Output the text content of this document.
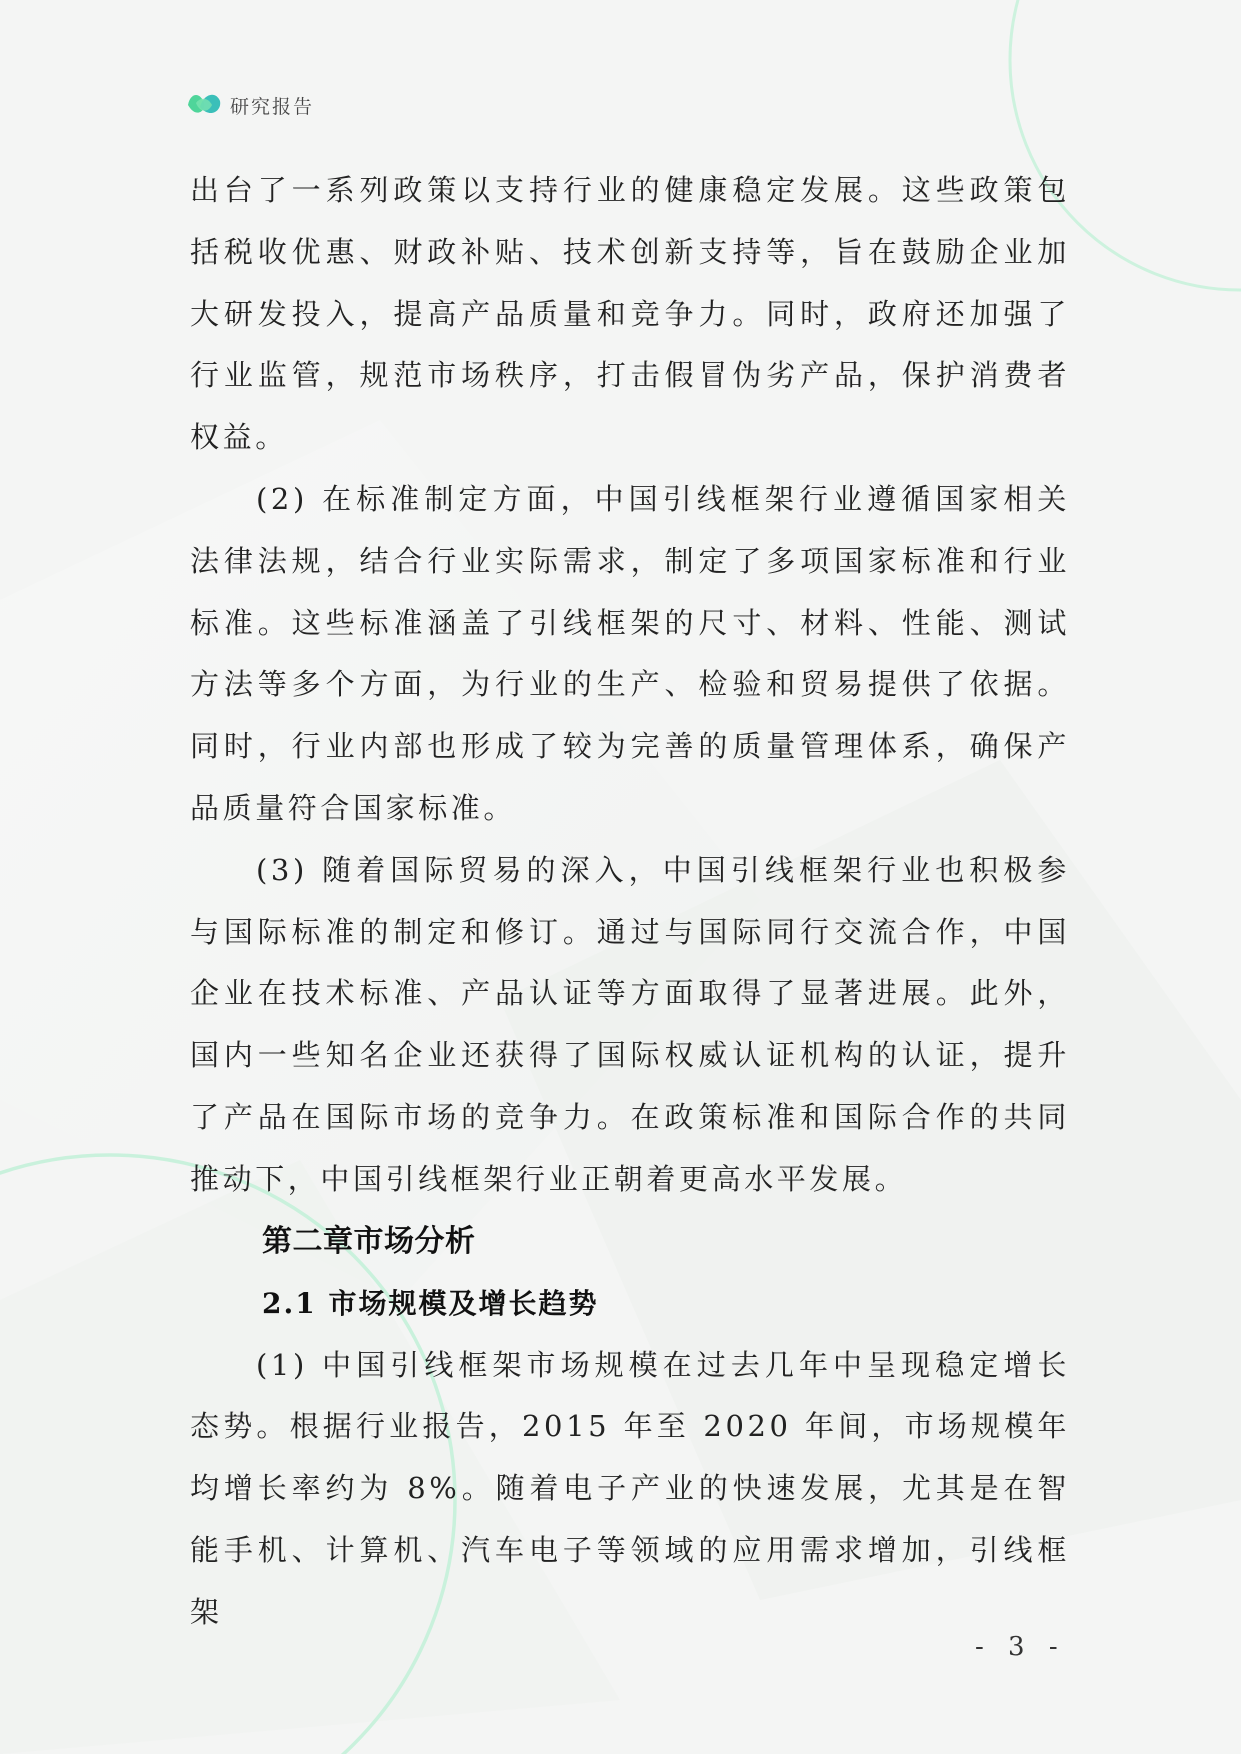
研究报告

出台了一系列政策以支持行业的健康稳定发展。这些政策包括税收优惠、财政补贴、技术创新支持等，旨在鼓励企业加大研发投入，提高产品质量和竞争力。同时，政府还加强了行业监管，规范市场秩序，打击假冒伪劣产品，保护消费者权益。

(2) 在标准制定方面，中国引线框架行业遵循国家相关法律法规，结合行业实际需求，制定了多项国家标准和行业标准。这些标准涵盖了引线框架的尺寸、材料、性能、测试方法等多个方面，为行业的生产、检验和贸易提供了依据。同时，行业内部也形成了较为完善的质量管理体系，确保产品质量符合国家标准。

(3) 随着国际贸易的深入，中国引线框架行业也积极参与国际标准的制定和修订。通过与国际同行交流合作，中国企业在技术标准、产品认证等方面取得了显著进展。此外，国内一些知名企业还获得了国际权威认证机构的认证，提升了产品在国际市场的竞争力。在政策标准和国际合作的共同推动下，中国引线框架行业正朝着更高水平发展。

第二章市场分析
2.1 市场规模及增长趋势

(1) 中国引线框架市场规模在过去几年中呈现稳定增长态势。根据行业报告，2015 年至 2020 年间，市场规模年均增长率约为 8%。随着电子产业的快速发展，尤其是在智能手机、计算机、汽车电子等领域的应用需求增加，引线框架

- 3 -
